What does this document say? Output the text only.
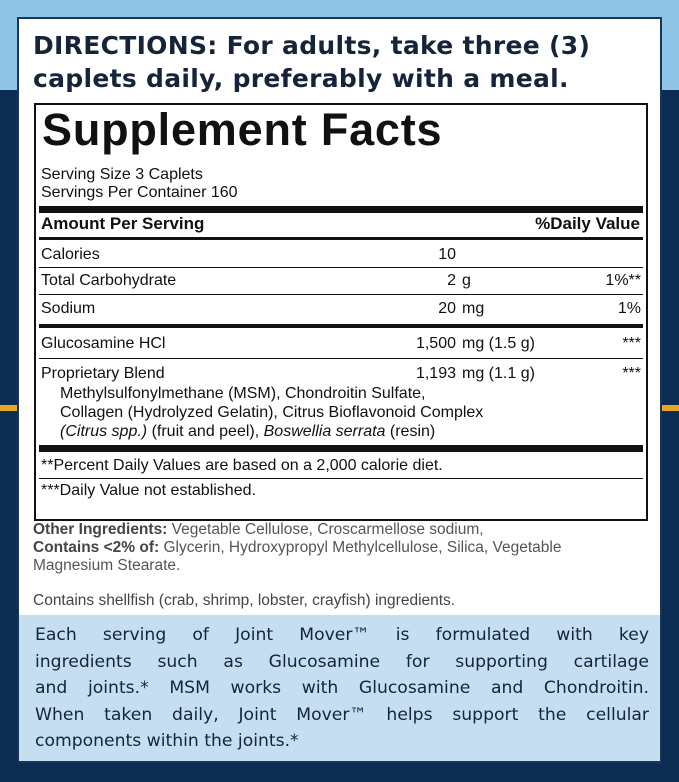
DIRECTIONS: For adults, take three (3)
caplets daily, preferably with a meal.
Supplement Facts
Serving Size 3 Caplets
Servings Per Container 160
Amount Per Serving	%Daily Value
Calories	10
Total Carbohydrate	2 g	1%**
Sodium	20 mg	1%
Glucosamine HCl	1,500 mg (1.5 g)	***
Proprietary Blend	1,193 mg (1.1 g)	***
Methylsulfonylmethane (MSM), Chondroitin Sulfate,
Collagen (Hydrolyzed Gelatin), Citrus Bioflavonoid Complex
(Citrus spp.) (fruit and peel), Boswellia serrata (resin)
**Percent Daily Values are based on a 2,000 calorie diet.
***Daily Value not established.
Other Ingredients: Vegetable Cellulose, Croscarmellose sodium,
Contains <2% of: Glycerin, Hydroxypropyl Methylcellulose, Silica, Vegetable
Magnesium Stearate.
Contains shellfish (crab, shrimp, lobster, crayfish) ingredients.
Each serving of Joint Mover™ is formulated with key
ingredients such as Glucosamine for supporting cartilage
and joints.* MSM works with Glucosamine and Chondroitin.
When taken daily, Joint Mover™ helps support the cellular
components within the joints.*
